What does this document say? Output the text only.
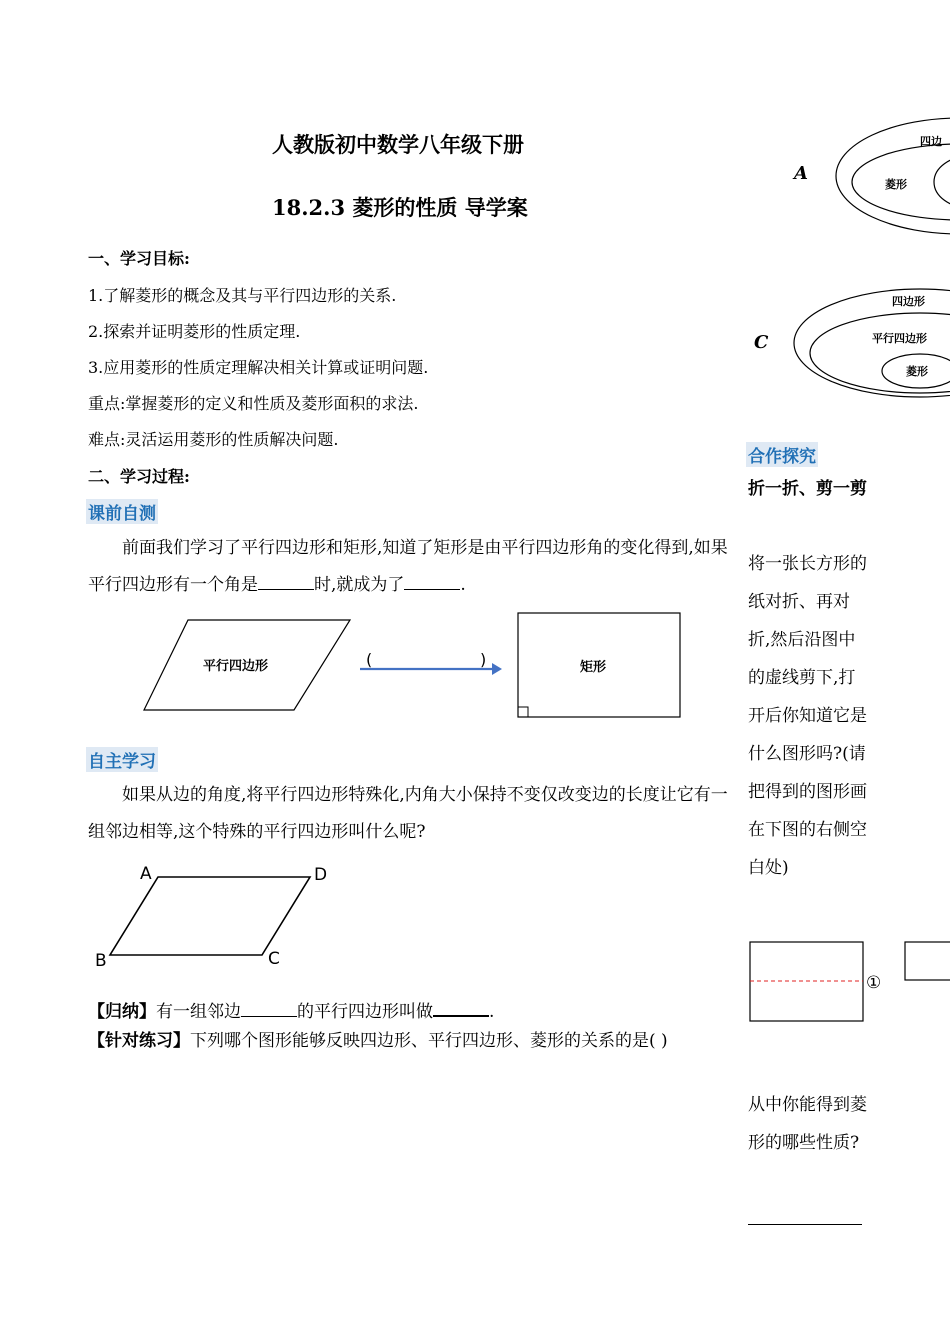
人教版初中数学八年级下册
18.2.3 菱形的性质 导学案
一、学习目标:
1.了解菱形的概念及其与平行四边形的关系.
2.探索并证明菱形的性质定理.
3.应用菱形的性质定理解决相关计算或证明问题.
重点:掌握菱形的定义和性质及菱形面积的求法.
难点:灵活运用菱形的性质解决问题.
二、学习过程:
课前自测
前面我们学习了平行四边形和矩形,知道了矩形是由平行四边形角的变化得到,如果平行四边形有一个角是	时,就成为了	.
平行四边形	(	)	矩形
自主学习
如果从边的角度,将平行四边形特殊化,内角大小保持不变仅改变边的长度让它有一组邻边相等,这个特殊的平行四边形叫什么呢?
A	D
B	C
【归纳】有一组邻边	的平行四边形叫做	.
【针对练习】下列哪个图形能够反映四边形、平行四边形、菱形的关系的是( )
A
四边
菱形
C
四边形
平行四边形
菱形
合作探究
折一折、剪一剪
将一张长方形的纸对折、再对折,然后沿图中的虚线剪下,打开后你知道它是什么图形吗?(请把得到的图形画在下图的右侧空白处)
①
从中你能得到菱形的哪些性质?
